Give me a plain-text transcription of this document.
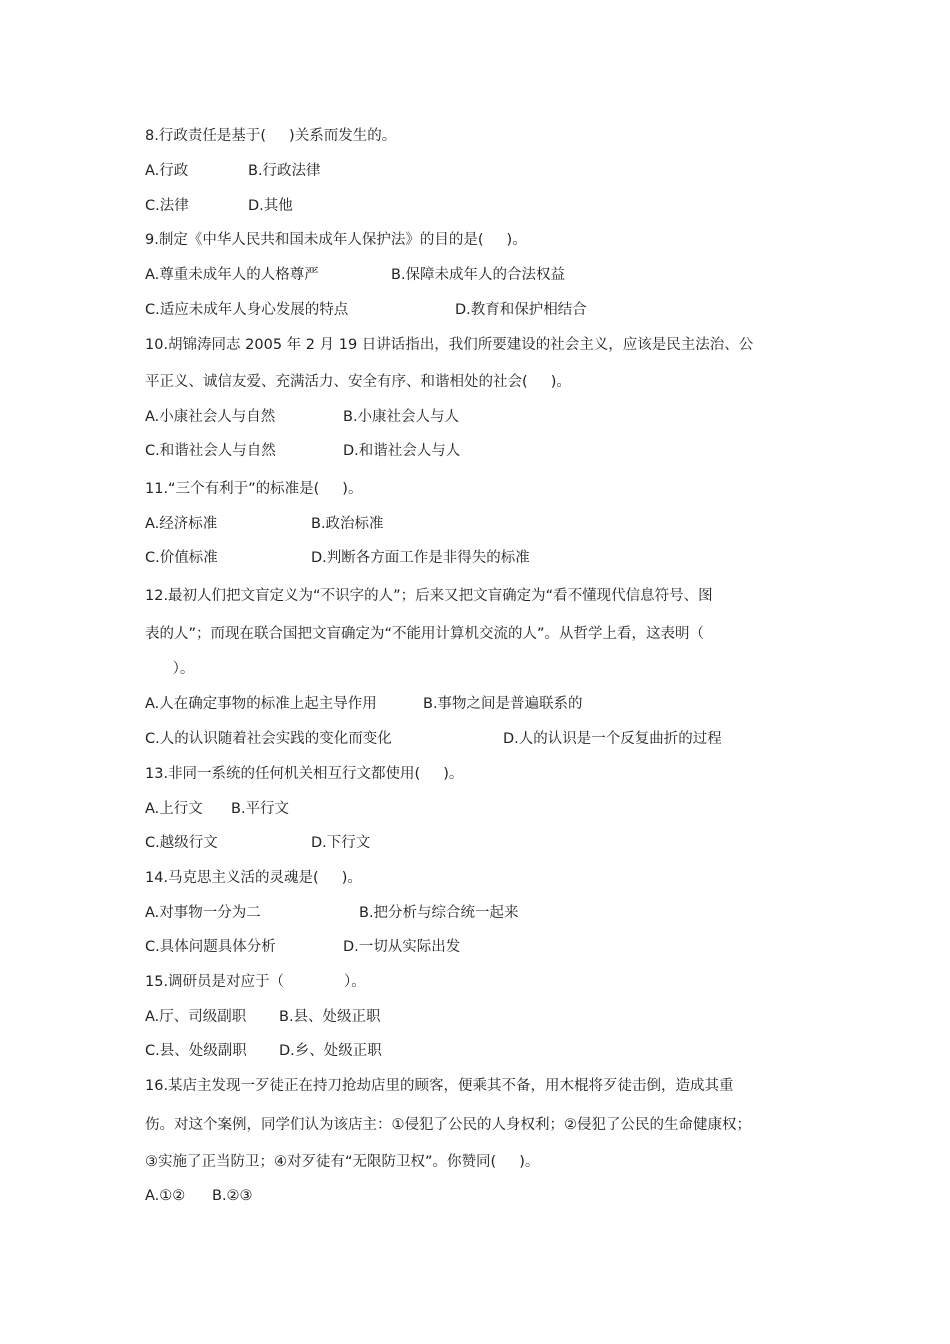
8.行政责任是基于(     )关系而发生的。
A.行政	B.行政法律
C.法律	D.其他
9.制定《中华人民共和国未成年人保护法》的目的是(     )。
A.尊重未成年人的人格尊严	B.保障未成年人的合法权益
C.适应未成年人身心发展的特点	D.教育和保护相结合
10.胡锦涛同志 2005 年 2 月 19 日讲话指出，我们所要建设的社会主义，应该是民主法治、公
平正义、诚信友爱、充满活力、安全有序、和谐相处的社会(     )。
A.小康社会人与自然	B.小康社会人与人
C.和谐社会人与自然	D.和谐社会人与人
11.“三个有利于”的标准是(     )。
A.经济标准	B.政治标准
C.价值标准	D.判断各方面工作是非得失的标准
12.最初人们把文盲定义为“不识字的人”；后来又把文盲确定为“看不懂现代信息符号、图
表的人”；而现在联合国把文盲确定为“不能用计算机交流的人”。从哲学上看，这表明（
）。
A.人在确定事物的标准上起主导作用	B.事物之间是普遍联系的
C.人的认识随着社会实践的变化而变化	D.人的认识是一个反复曲折的过程
13.非同一系统的任何机关相互行文都使用(     )。
A.上行文 B.平行文
C.越级行文	D.下行文
14.马克思主义活的灵魂是(     )。
A.对事物一分为二	B.把分析与综合统一起来
C.具体问题具体分析	D.一切从实际出发
15.调研员是对应于（             ）。
A.厅、司级副职 B.县、处级正职
C.县、处级副职 D.乡、处级正职
16.某店主发现一歹徒正在持刀抢劫店里的顾客，便乘其不备，用木棍将歹徒击倒，造成其重
伤。对这个案例，同学们认为该店主：①侵犯了公民的人身权利；②侵犯了公民的生命健康权；
③实施了正当防卫；④对歹徒有“无限防卫权”。你赞同(     )。
A.①② B.②③
